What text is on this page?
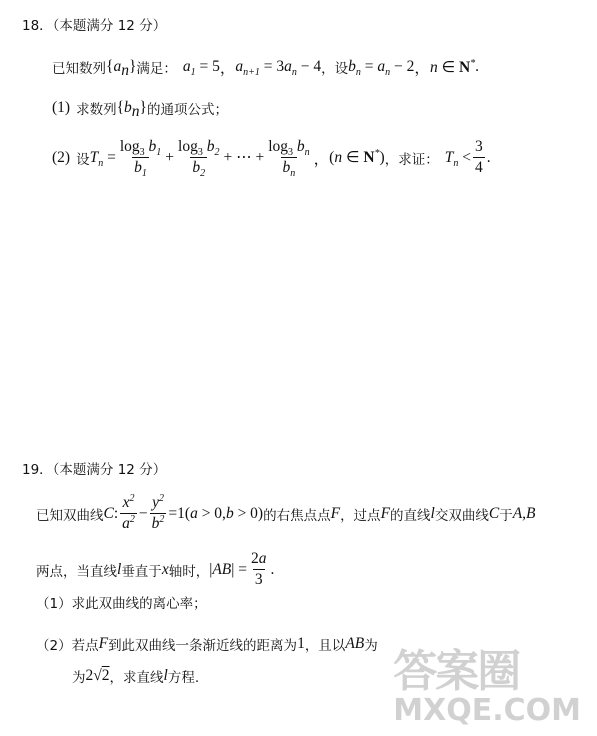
18．（本题满分 12 分）
已知数列 $\{a_n\}$ 满足： $a_1 = 5$ ， $a_{n+1} = 3a_n - 4$ ，设 $b_n = a_n - 2$ ， n ∈ N* .
(1) 求数列 $\{b_n\}$ 的通项公式；
(2) 设 $T_n = \frac{\log_3 b_1}{b_1} + \frac{\log_3 b_2}{b_2}$ + ⋯ + $\frac{\log_3 b_n}{b_n}$ ， (n ∈ N*) ，求证： $T_n < \frac{3}{4}$ .
19．（本题满分 12 分）
已知双曲线 C: $\frac{x^2}{a^2} - \frac{y^2}{b^2} =1(a > 0,b > 0)$ 的右焦点点 F ，过点 F 的直线 l 交双曲线 C 于 A,B
两点，当直线 l 垂直于 x 轴时， $|AB| = \frac{2a}{3}$ .
（1）求此双曲线的离心率；
（2）若点 F 到此双曲线一条渐近线的距离为 1 ，且以 AB 为
为 2√2 ，求直线 l 方程.	答案圈
MXQE.COM
